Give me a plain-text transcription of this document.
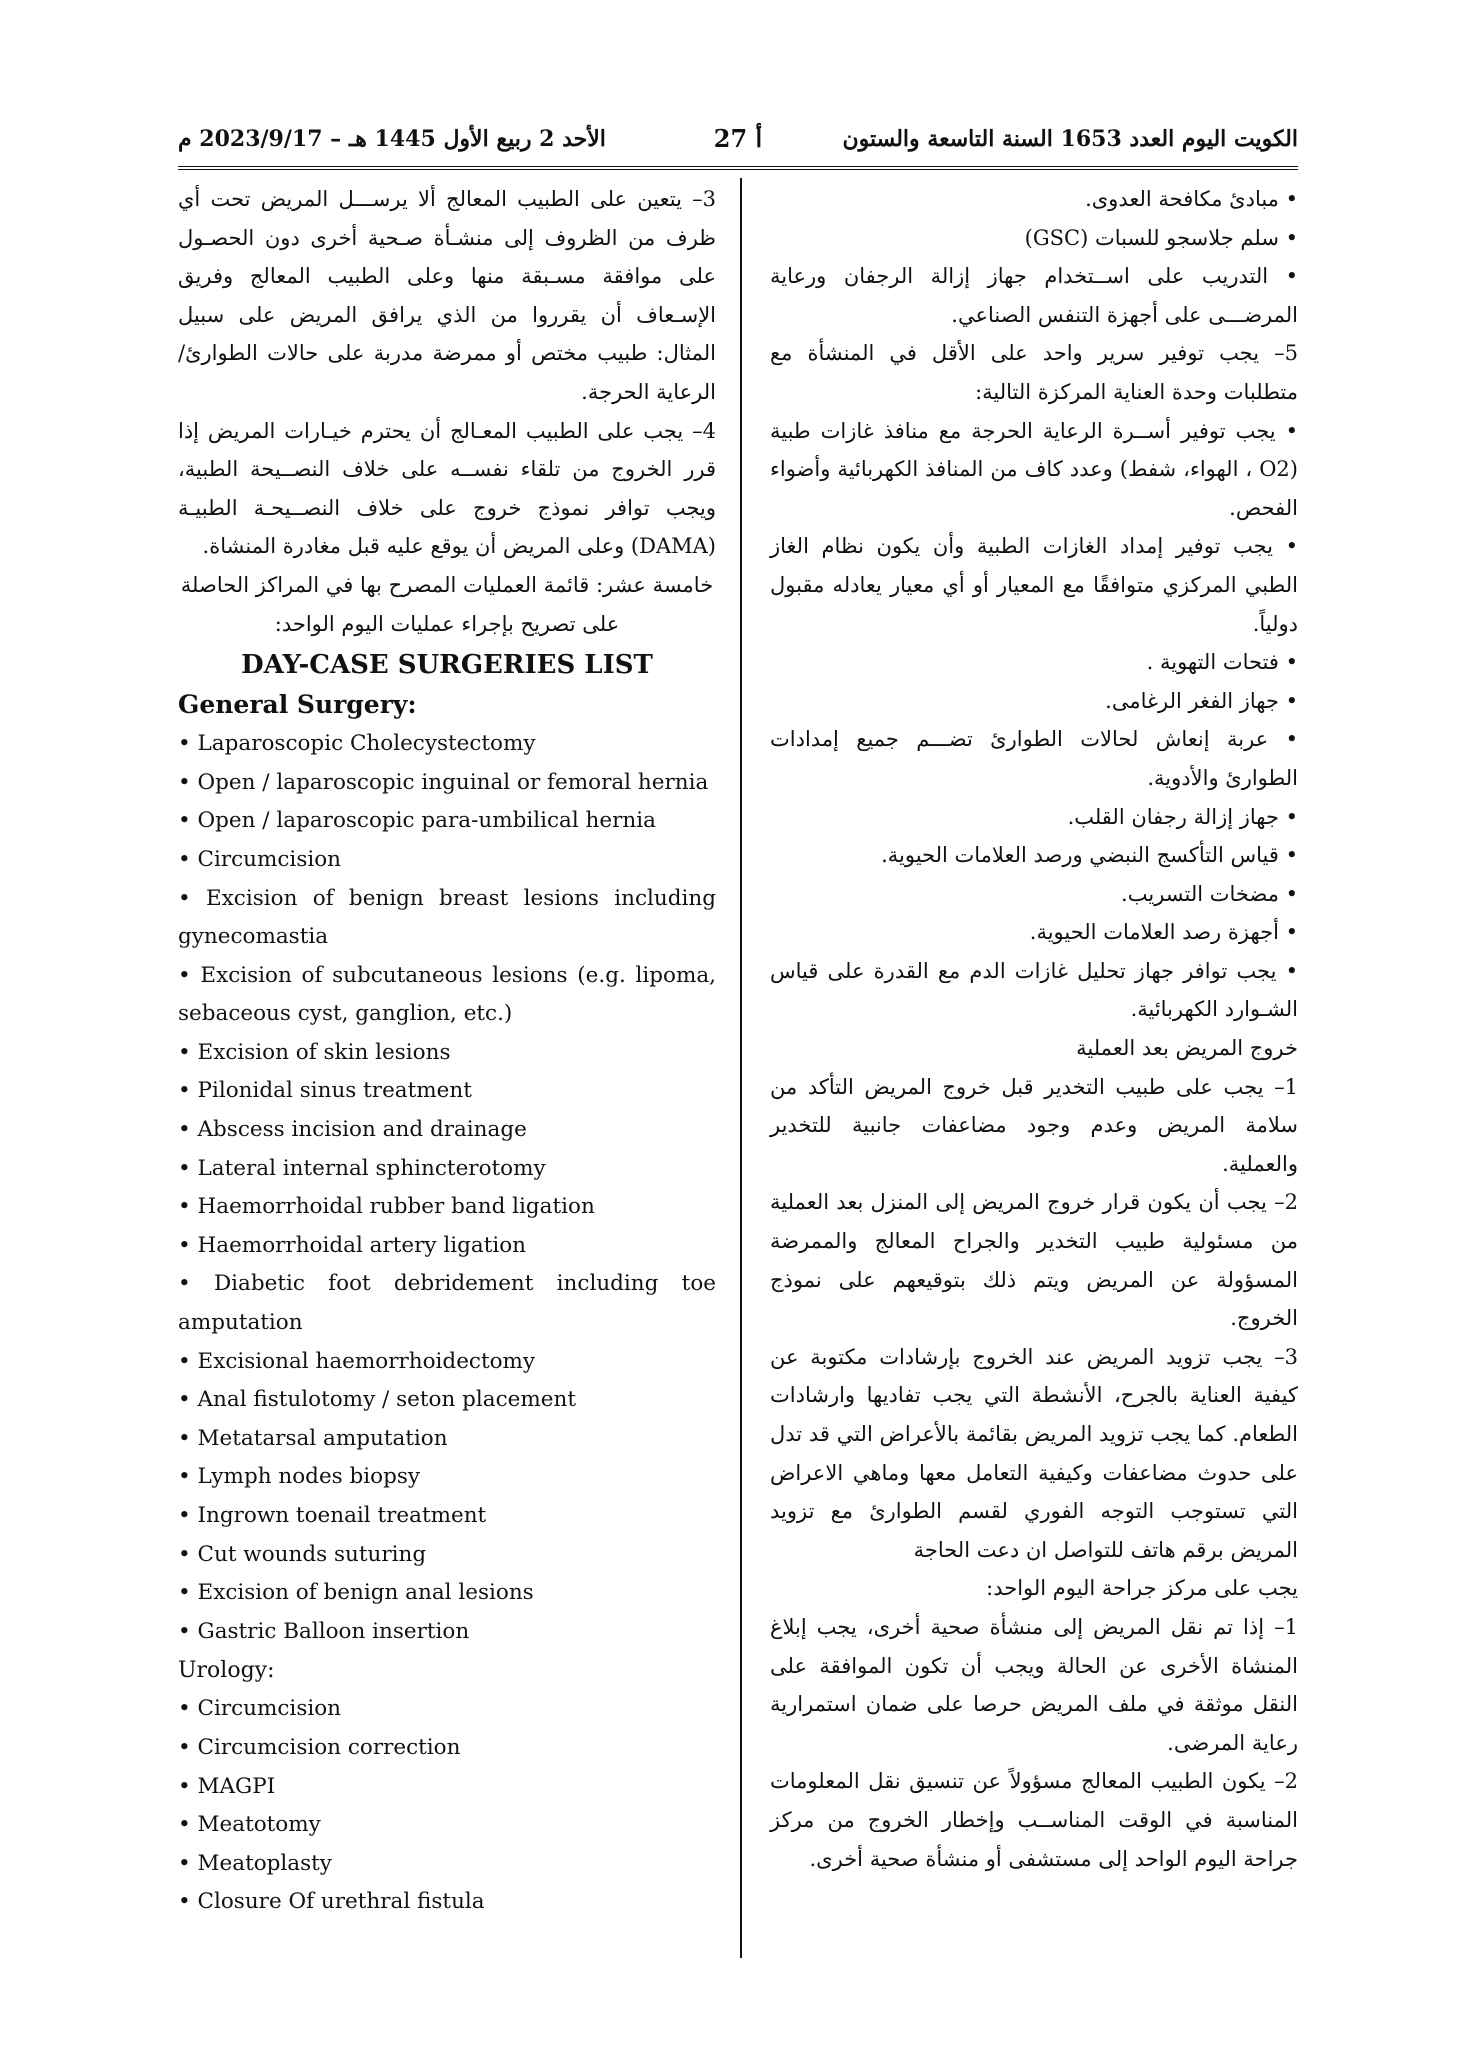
الكويت اليوم العدد 1653 السنة التاسعة والستون
أ 27
الأحد 2 ربيع الأول 1445 هـ – 2023/9/17 م

• مبادئ مكافحة العدوى.

• سلم جلاسجو للسبات (GSC)

• التدريب على اســتخدام جهاز إزالة الرجفان ورعاية المرضـــى على أجهزة التنفس الصناعي.

5– يجب توفير سرير واحد على الأقل في المنشأة مع متطلبات وحدة العناية المركزة التالية:

• يجب توفير أســرة الرعاية الحرجة مع منافذ غازات طبية (O2 ، الهواء، شفط) وعدد كاف من المنافذ الكهربائية وأضواء الفحص.

• يجب توفير إمداد الغازات الطبية وأن يكون نظام الغاز الطبي المركزي متوافقًا مع المعيار أو أي معيار يعادله مقبول دولياً.

• فتحات التهوية .

• جهاز الفغر الرغامى.

• عربة إنعاش لحالات الطوارئ تضـــم جميع إمدادات الطوارئ والأدوية.

• جهاز إزالة رجفان القلب.

• قياس التأكسج النبضي ورصد العلامات الحيوية.

• مضخات التسريب.

• أجهزة رصد العلامات الحيوية.

• يجب توافر جهاز تحليل غازات الدم مع القدرة على قياس الشـوارد الكهربائية.

خروج المريض بعد العملية

1– يجب على طبيب التخدير قبل خروج المريض التأكد من سلامة المريض وعدم وجود مضاعفات جانبية للتخدير والعملية.

2– يجب أن يكون قرار خروج المريض إلى المنزل بعد العملية من مسئولية طبيب التخدير والجراح المعالج والممرضة المسؤولة عن المريض ويتم ذلك بتوقيعهم على نموذج الخروج.

3– يجب تزويد المريض عند الخروج بإرشادات مكتوبة عن كيفية العناية بالجرح، الأنشطة التي يجب تفاديها وارشادات الطعام. كما يجب تزويد المريض بقائمة بالأعراض التي قد تدل على حدوث مضاعفات وكيفية التعامل معها وماهي الاعراض التي تستوجب التوجه الفوري لقسم الطوارئ مع تزويد المريض برقم هاتف للتواصل ان دعت الحاجة

يجب على مركز جراحة اليوم الواحد:

1– إذا تم نقل المريض إلى منشأة صحية أخرى، يجب إبلاغ المنشاة الأخرى عن الحالة ويجب أن تكون الموافقة على النقل موثقة في ملف المريض حرصا على ضمان استمرارية رعاية المرضى.

2– يكون الطبيب المعالج مسؤولاً عن تنسيق نقل المعلومات المناسبة في الوقت المناســب وإخطار الخروج من مركز جراحة اليوم الواحد إلى مستشفى أو منشأة صحية أخرى.

3– يتعين على الطبيب المعالج ألا يرســـل المريض تحت أي ظرف من الظروف إلى منشـأة صـحية أخرى دون الحصـول على موافقة مسـبقة منها وعلى الطبيب المعالج وفريق الإسـعاف أن يقرروا من الذي يرافق المريض على سبيل المثال: طبيب مختص أو ممرضة مدربة على حالات الطوارئ/الرعاية الحرجة.

4– يجب على الطبيب المعـالج أن يحترم خيـارات المريض إذا قرر الخروج من تلقاء نفســه على خلاف النصــيحة الطبية، ويجب توافر نموذج خروج على خلاف النصــيحـة الطبيـة (DAMA) وعلى المريض أن يوقع عليه قبل مغادرة المنشاة.

خامسة عشر: قائمة العمليات المصرح بها في المراكز الحاصلة على تصريح بإجراء عمليات اليوم الواحد:

DAY-CASE SURGERIES LIST
General Surgery:
• Laparoscopic Cholecystectomy
• Open / laparoscopic inguinal or femoral hernia
• Open / laparoscopic para-umbilical hernia
• Circumcision
• Excision of benign breast lesions including gynecomastia
• Excision of subcutaneous lesions (e.g. lipoma, sebaceous cyst, ganglion, etc.)
• Excision of skin lesions
• Pilonidal sinus treatment
• Abscess incision and drainage
• Lateral internal sphincterotomy
• Haemorrhoidal rubber band ligation
• Haemorrhoidal artery ligation
• Diabetic foot debridement including toe amputation
• Excisional haemorrhoidectomy
• Anal fistulotomy / seton placement
• Metatarsal amputation
• Lymph nodes biopsy
• Ingrown toenail treatment
• Cut wounds suturing
• Excision of benign anal lesions
• Gastric Balloon insertion
Urology:
• Circumcision
• Circumcision correction
• MAGPI
• Meatotomy
• Meatoplasty
• Closure Of urethral fistula
